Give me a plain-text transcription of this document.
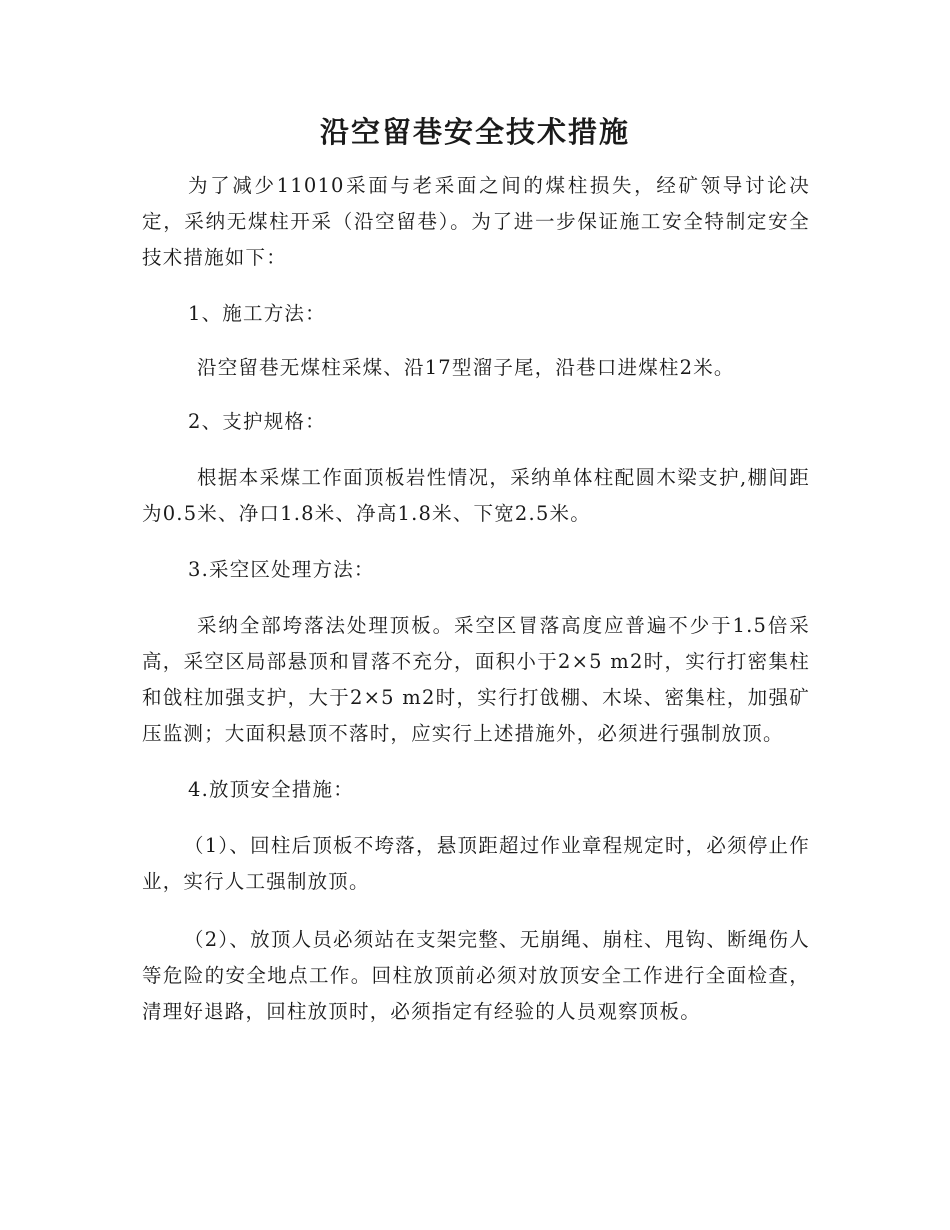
沿空留巷安全技术措施

为了减少11010采面与老采面之间的煤柱损失，经矿领导讨论决定，采纳无煤柱开采（沿空留巷）。为了进一步保证施工安全特制定安全技术措施如下：

1、施工方法：

沿空留巷无煤柱采煤、沿17型溜子尾，沿巷口进煤柱2米。

2、支护规格：

根据本采煤工作面顶板岩性情况，采纳单体柱配圆木梁支护,棚间距为0.5米、净口1.8米、净高1.8米、下宽2.5米。

3.采空区处理方法：

采纳全部垮落法处理顶板。采空区冒落高度应普遍不少于1.5倍采高，采空区局部悬顶和冒落不充分，面积小于2×5 m2时，实行打密集柱和戗柱加强支护，大于2×5 m2时，实行打戗棚、木垛、密集柱，加强矿压监测；大面积悬顶不落时，应实行上述措施外，必须进行强制放顶。

4.放顶安全措施：

（1）、回柱后顶板不垮落，悬顶距超过作业章程规定时，必须停止作业，实行人工强制放顶。

（2）、放顶人员必须站在支架完整、无崩绳、崩柱、甩钩、断绳伤人等危险的安全地点工作。回柱放顶前必须对放顶安全工作进行全面检查，清理好退路，回柱放顶时，必须指定有经验的人员观察顶板。
